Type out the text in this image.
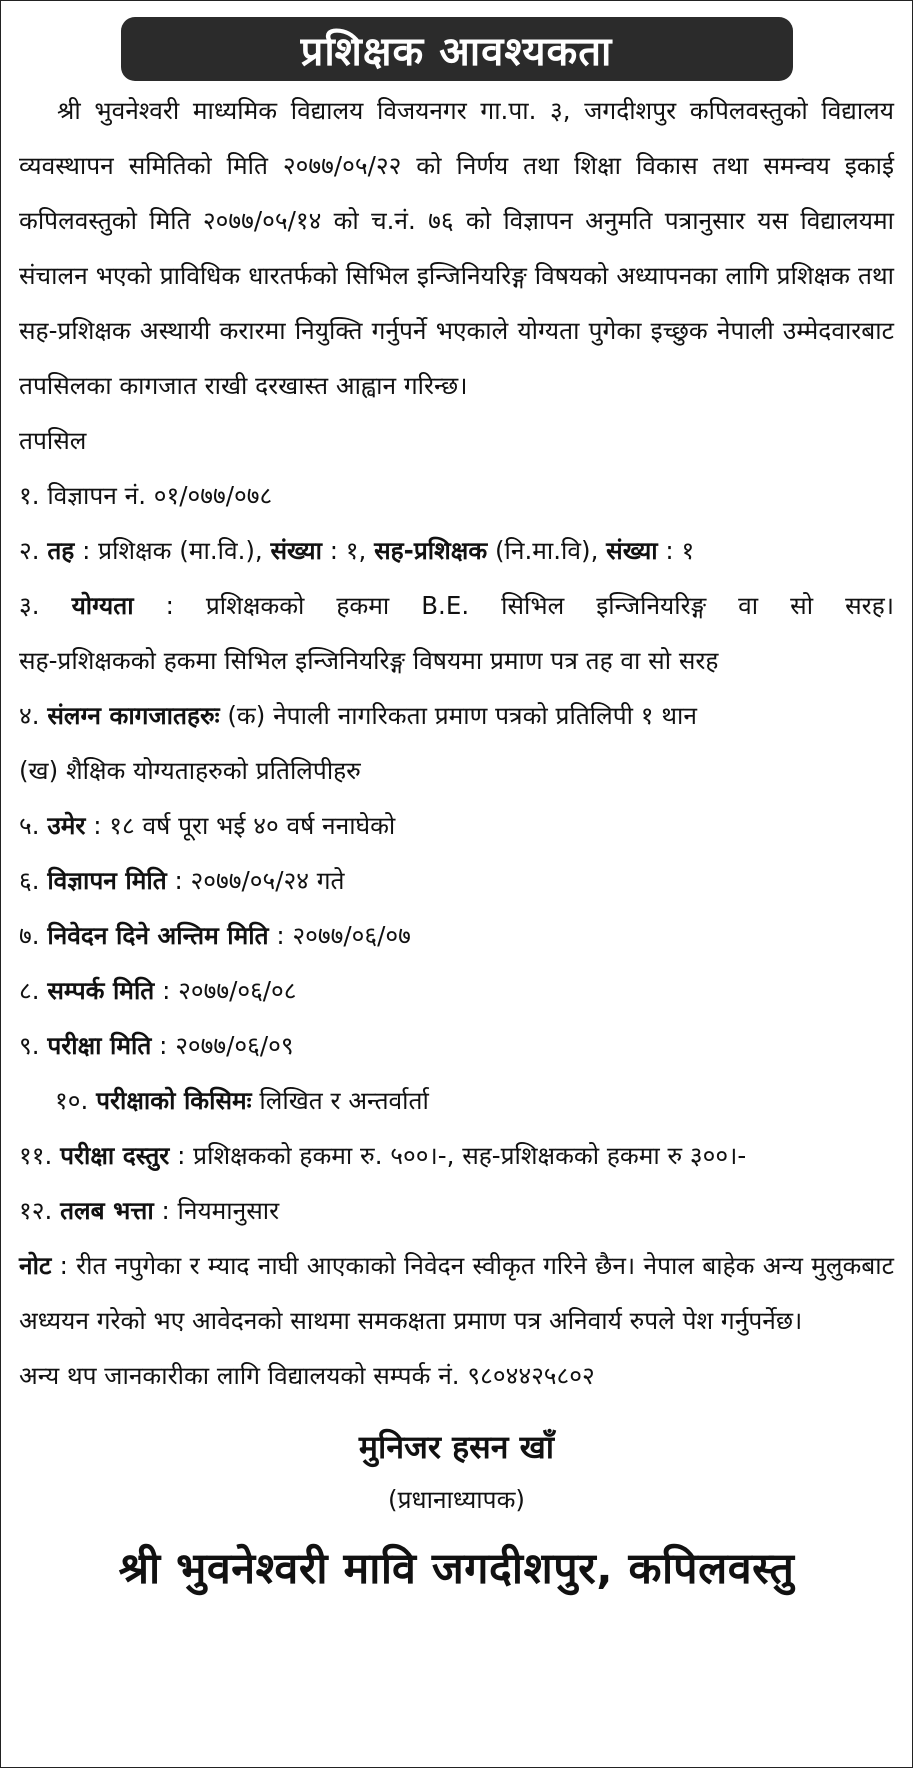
प्रशिक्षक आवश्यकता

श्री भुवनेश्वरी माध्यमिक विद्यालय विजयनगर गा.पा. ३, जगदीशपुर कपिलवस्तुको विद्यालय व्यवस्थापन समितिको मिति २०७७/०५/२२ को निर्णय तथा शिक्षा विकास तथा समन्वय इकाई कपिलवस्तुको मिति २०७७/०५/१४ को च.नं. ७६ को विज्ञापन अनुमति पत्रानुसार यस विद्यालयमा संचालन भएको प्राविधिक धारतर्फको सिभिल इन्जिनियरिङ्ग विषयको अध्यापनका लागि प्रशिक्षक तथा सह-प्रशिक्षक अस्थायी करारमा नियुक्ति गर्नुपर्ने भएकाले योग्यता पुगेका इच्छुक नेपाली उम्मेदवारबाट तपसिलका कागजात राखी दरखास्त आह्वान गरिन्छ।

तपसिल

१. विज्ञापन नं. ०१/०७७/०७८

२. तह : प्रशिक्षक (मा.वि.), संख्या : १, सह-प्रशिक्षक (नि.मा.वि), संख्या : १

३. योग्यता : प्रशिक्षकको हकमा B.E. सिभिल इन्जिनियरिङ्ग वा सो सरह।

सह-प्रशिक्षकको हकमा सिभिल इन्जिनियरिङ्ग विषयमा प्रमाण पत्र तह वा सो सरह

४. संलग्न कागजातहरुः (क) नेपाली नागरिकता प्रमाण पत्रको प्रतिलिपी १ थान

(ख) शैक्षिक योग्यताहरुको प्रतिलिपीहरु

५. उमेर : १८ वर्ष पूरा भई ४० वर्ष ननाघेको

६. विज्ञापन मिति : २०७७/०५/२४ गते

७. निवेदन दिने अन्तिम मिति : २०७७/०६/०७

८. सम्पर्क मिति : २०७७/०६/०८

९. परीक्षा मिति : २०७७/०६/०९

१०. परीक्षाको किसिमः लिखित र अन्तर्वार्ता

११. परीक्षा दस्तुर : प्रशिक्षकको हकमा रु. ५००।-, सह-प्रशिक्षकको हकमा रु ३००।-

१२. तलब भत्ता : नियमानुसार

नोट : रीत नपुगेका र म्याद नाघी आएकाको निवेदन स्वीकृत गरिने छैन। नेपाल बाहेक अन्य मुलुकबाट अध्ययन गरेको भए आवेदनको साथमा समकक्षता प्रमाण पत्र अनिवार्य रुपले पेश गर्नुपर्नेछ।

अन्य थप जानकारीका लागि विद्यालयको सम्पर्क नं. ९८०४४२५८०२

मुनिजर हसन खाँ
(प्रधानाध्यापक)
श्री भुवनेश्वरी मावि जगदीशपुर, कपिलवस्तु
